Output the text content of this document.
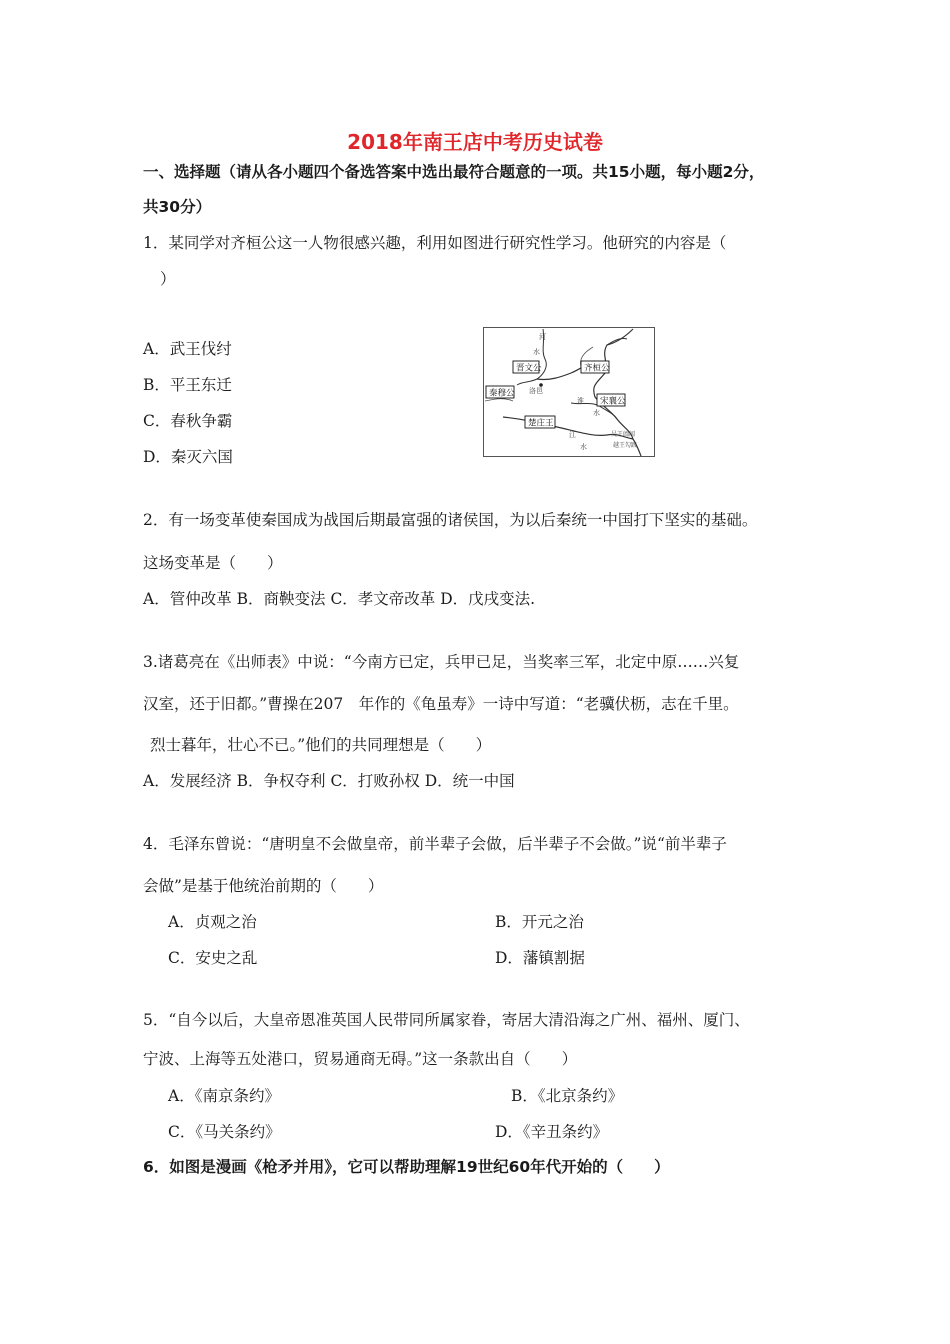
2018年南王店中考历史试卷
一、选择题（请从各小题四个备选答案中选出最符合题意的一项。共15小题，每小题2分，
共30分）
1．某同学对齐桓公这一人物很感兴趣，利用如图进行研究性学习。他研究的内容是（
）
A．武王伐纣
B．平王东迁
C．春秋争霸
D．秦灭六国
晋文公	齐桓公
秦穆公
宋襄公
楚庄王
河
水
洛邑
淮
水
江
水
吴王阖闾
越王勾践
2．有一场变革使秦国成为战国后期最富强的诸侯国，为以后秦统一中国打下坚实的基础。
这场变革是（　　）
A．管仲改革 B．商鞅变法 C．孝文帝改革 D．戊戌变法.
3.诸葛亮在《出师表》中说：“今南方已定，兵甲已足，当奖率三军，北定中原……兴复
汉室，还于旧都。”曹操在207　年作的《龟虽寿》一诗中写道：“老骥伏枥，志在千里。
烈士暮年，壮心不已。”他们的共同理想是（　　）
A．发展经济 B．争权夺利 C．打败孙权 D．统一中国
4．毛泽东曾说：“唐明皇不会做皇帝，前半辈子会做，后半辈子不会做。”说“前半辈子
会做”是基于他统治前期的（　　）
A．贞观之治	B．开元之治
C．安史之乱	D．藩镇割据
5．“自今以后，大皇帝恩准英国人民带同所属家眷，寄居大清沿海之广州、福州、厦门、
宁波、上海等五处港口，贸易通商无碍。”这一条款出自（　　）
A．《南京条约》	B．《北京条约》
C．《马关条约》	D．《辛丑条约》
6．如图是漫画《枪矛并用》，它可以帮助理解19世纪60年代开始的（　　）
